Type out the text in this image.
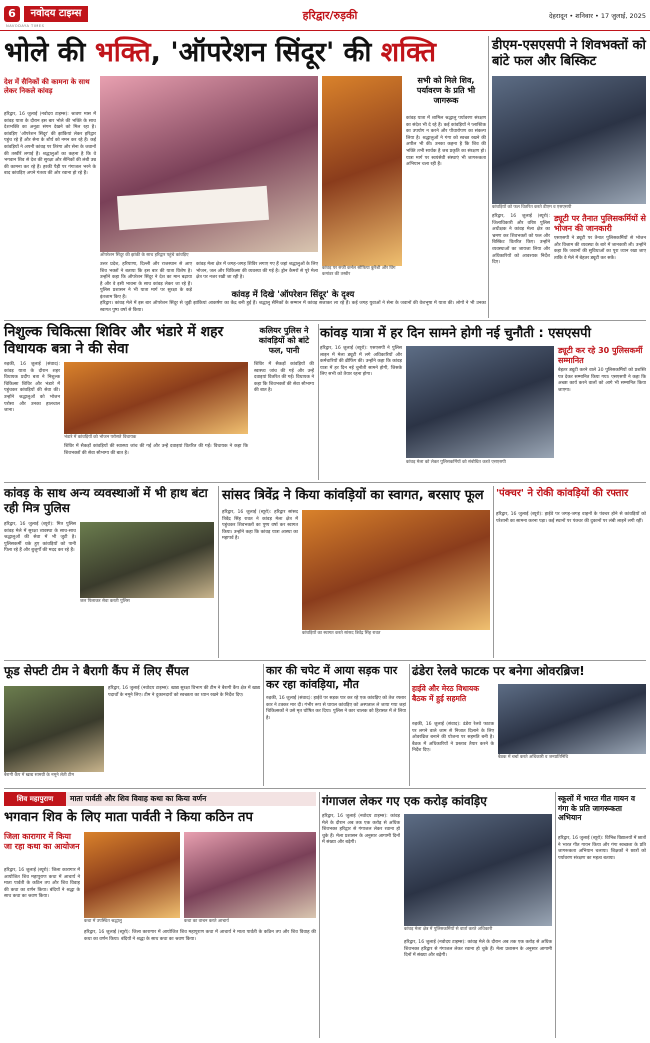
6	नवोदय टाइम्स
NAVODAYA TIMES
हरिद्वार/रुड़की	देहरादून • शनिवार • 17 जुलाई, 2025
भोले की भक्ति, 'ऑपरेशन सिंदूर' की शक्ति
देश में सैनिकों की कामना के साथ लेकर निकले कांवड़
हरिद्वार, 16 जुलाई (नवोदय टाइम्स): श्रावण मास में कांवड़ यात्रा के दौरान इस बार भोले की भक्ति के साथ देशभक्ति का अनूठा संगम देखने को मिल रहा है। कांवड़िए 'ऑपरेशन सिंदूर' की झांकियां लेकर हरिद्वार पहुंच रहे हैं और सेना के शौर्य को नमन कर रहे हैं। कई कांवड़ियों ने अपनी कांवड़ पर तिरंगा और सेना के जवानों की तस्वीरें लगाई हैं। श्रद्धालुओं का कहना है कि वे भगवान शिव से देश की सुरक्षा और सैनिकों की लंबी उम्र की कामना कर रहे हैं। हरकी पैड़ी पर गंगाजल भरने के बाद कांवड़िए अपने गंतव्य की ओर रवाना हो रहे हैं।
ऑपरेशन सिंदूर की झांकी के साथ हरिद्वार पहुंचे कांवड़िए
उत्तर प्रदेश, हरियाणा, दिल्ली और राजस्थान से आए शिव भक्तों ने बताया कि इस बार की यात्रा विशेष है। उन्होंने कहा कि ऑपरेशन सिंदूर ने देश का मान बढ़ाया है और वे इसी भावना के साथ कांवड़ लेकर जा रहे हैं। पुलिस प्रशासन ने भी यात्रा मार्ग पर सुरक्षा के कड़े इंतजाम किए हैं।
कांवड़ मेला क्षेत्र में जगह-जगह शिविर लगाए गए हैं जहां श्रद्धालुओं के लिए भोजन, जल और चिकित्सा की व्यवस्था की गई है। ड्रोन कैमरों से पूरे मेला क्षेत्र पर नजर रखी जा रही है।
कांवड़ पर सजी कर्नल सोफिया कुरैशी और विंग कमांडर की तस्वीर
सभी को मिले शिव, पर्यावरण के प्रति भी जागरूक
कांवड़ यात्रा में शामिल श्रद्धालु पर्यावरण संरक्षण का संदेश भी दे रहे हैं। कई कांवड़ियों ने प्लास्टिक का उपयोग न करने और पौधारोपण का संकल्प लिया है। श्रद्धालुओं ने गंगा को स्वच्छ रखने की अपील भी की। उनका कहना है कि शिव की भक्ति तभी सार्थक है जब प्रकृति का संरक्षण हो। यात्रा मार्ग पर स्वयंसेवी संस्थाएं भी जागरूकता अभियान चला रही हैं।
कांवड़ में दिखे 'ऑपरेशन सिंदूर' के दृश्य
हरिद्वार। कांवड़ मेले में इस बार ऑपरेशन सिंदूर से जुड़ी झांकियां आकर्षण का केंद्र बनी हुई हैं। श्रद्धालु सैनिकों के सम्मान में कांवड़ सजाकर ला रहे हैं। कई जगह युवाओं ने सेना के जवानों की वेशभूषा में यात्रा की। लोगों ने भी उनका स्वागत पुष्प वर्षा से किया।
डीएम-एसएसपी ने शिवभक्तों को बांटे फल और बिस्किट
कांवड़ियों को फल वितरित करते डीएम व एसएसपी
हरिद्वार, 16 जुलाई (ब्यूरो): जिलाधिकारी और वरिष्ठ पुलिस अधीक्षक ने कांवड़ मेला क्षेत्र का भ्रमण कर शिवभक्तों को फल और बिस्किट वितरित किए। उन्होंने व्यवस्थाओं का जायजा लिया और अधिकारियों को आवश्यक निर्देश दिए।
ड्यूटी पर तैनात पुलिसकर्मियों से भोजन की जानकारी
एसएसपी ने ड्यूटी पर तैनात पुलिसकर्मियों से भोजन और विश्राम की व्यवस्था के बारे में जानकारी ली। उन्होंने कहा कि जवानों की सुविधाओं का पूरा ध्यान रखा जाए ताकि वे मेले में बेहतर ड्यूटी कर सकें।
निशुल्क चिकित्सा शिविर और भंडारे में शहर विधायक बत्रा ने की सेवा
रुड़की, 16 जुलाई (संवाद): कांवड़ यात्रा के दौरान शहर विधायक प्रदीप बत्रा ने निशुल्क चिकित्सा शिविर और भंडारे में पहुंचकर कांवड़ियों की सेवा की। उन्होंने श्रद्धालुओं को भोजन परोसा और उनका हालचाल जाना।
भंडारे में कांवड़ियों को भोजन परोसते विधायक
शिविर में सैकड़ों कांवड़ियों की स्वास्थ्य जांच की गई और उन्हें दवाइयां वितरित की गईं। विधायक ने कहा कि शिवभक्तों की सेवा सौभाग्य की बात है।
कलियर पुलिस ने कांवड़ियों को बांटे फल, पानी
शिविर में सैकड़ों कांवड़ियों की स्वास्थ्य जांच की गई और उन्हें दवाइयां वितरित की गईं। विधायक ने कहा कि शिवभक्तों की सेवा सौभाग्य की बात है।
कांवड़ यात्रा में हर दिन सामने होगी नई चुनौती : एसएसपी
हरिद्वार, 16 जुलाई (ब्यूरो): एसएसपी ने पुलिस लाइन में मेला ड्यूटी में लगे अधिकारियों और कर्मचारियों की ब्रीफिंग की। उन्होंने कहा कि कांवड़ यात्रा में हर दिन नई चुनौती सामने होगी, जिसके लिए सभी को तैयार रहना होगा।
कांवड़ मेला को लेकर पुलिसकर्मियों को संबोधित करते एसएसपी
ड्यूटी कर रहे 30 पुलिसकर्मी सम्मानित
बेहतर ड्यूटी करने वाले 30 पुलिसकर्मियों को प्रशस्ति पत्र देकर सम्मानित किया गया। एसएसपी ने कहा कि अच्छा कार्य करने वालों को आगे भी सम्मानित किया जाएगा।
कांवड़ के साथ अन्य व्यवस्थाओं में भी हाथ बंटा रही मित्र पुलिस
जल पिलाकर सेवा करती पुलिस
हरिद्वार, 16 जुलाई (ब्यूरो): मित्र पुलिस कांवड़ मेले में सुरक्षा व्यवस्था के साथ-साथ श्रद्धालुओं की सेवा में भी जुटी है। पुलिसकर्मी थके हुए कांवड़ियों को पानी पिला रहे हैं और बुजुर्गों की मदद कर रहे हैं।
सांसद त्रिवेंद्र ने किया कांवड़ियों का स्वागत, बरसाए फूल
हरिद्वार, 16 जुलाई (ब्यूरो): हरिद्वार सांसद त्रिवेंद्र सिंह रावत ने कांवड़ मेला क्षेत्र में पहुंचकर शिवभक्तों का पुष्प वर्षा कर स्वागत किया। उन्होंने कहा कि कांवड़ यात्रा आस्था का महापर्व है।
कांवड़ियों का स्वागत करते सांसद त्रिवेंद्र सिंह रावत
'पंक्चर' ने रोकी कांवड़ियों की रफ्तार
हरिद्वार, 16 जुलाई (ब्यूरो): हाईवे पर जगह-जगह वाहनों के पंक्चर होने से कांवड़ियों को परेशानी का सामना करना पड़ा। कई स्थानों पर पंक्चर की दुकानों पर लंबी लाइनें लगी रहीं।
फूड सेफ्टी टीम ने बैरागी कैंप में लिए सैंपल
बैरागी कैंप में खाद्य सामग्री के नमूने लेती टीम
हरिद्वार, 16 जुलाई (नवोदय टाइम्स): खाद्य सुरक्षा विभाग की टीम ने बैरागी कैंप क्षेत्र में खाद्य पदार्थों के नमूने लिए। टीम ने दुकानदारों को स्वच्छता का ध्यान रखने के निर्देश दिए।
कार की चपेट में आया सड़क पार कर रहा कांवड़िया, मौत
रुड़की, 16 जुलाई (संवाद): हाईवे पर सड़क पार कर रहे एक कांवड़िए को तेज रफ्तार कार ने टक्कर मार दी। गंभीर रूप से घायल कांवड़िए को अस्पताल ले जाया गया जहां चिकित्सकों ने उसे मृत घोषित कर दिया। पुलिस ने कार चालक को हिरासत में ले लिया है।
ढंडेरा रेलवे फाटक पर बनेगा ओवरब्रिज!
हाईवे और मेरठ विधायक बैठक में हुई सहमति
बैठक में चर्चा करते अधिकारी व जनप्रतिनिधि
रुड़की, 16 जुलाई (संवाद): ढंडेरा रेलवे फाटक पर लगने वाले जाम से निजात दिलाने के लिए ओवरब्रिज बनाने की योजना पर सहमति बनी है। बैठक में अधिकारियों ने प्रस्ताव तैयार करने के निर्देश दिए।
शिव महापुराण	माता पार्वती और शिव विवाह कथा का किया वर्णन
भगवान शिव के लिए माता पार्वती ने किया कठिन तप
जिला कारागार में किया जा रहा कथा का आयोजन
हरिद्वार, 16 जुलाई (ब्यूरो): जिला कारागार में आयोजित शिव महापुराण कथा में आचार्य ने माता पार्वती के कठिन तप और शिव विवाह की कथा का वर्णन किया। बंदियों ने श्रद्धा के साथ कथा का श्रवण किया।
कथा में उपस्थित श्रद्धालु	कथा का वाचन करते आचार्य
हरिद्वार, 16 जुलाई (ब्यूरो): जिला कारागार में आयोजित शिव महापुराण कथा में आचार्य ने माता पार्वती के कठिन तप और शिव विवाह की कथा का वर्णन किया। बंदियों ने श्रद्धा के साथ कथा का श्रवण किया।
गंगाजल लेकर गए एक करोड़ कांवड़िए
हरिद्वार, 16 जुलाई (नवोदय टाइम्स): कांवड़ मेले के दौरान अब तक एक करोड़ से अधिक शिवभक्त हरिद्वार से गंगाजल लेकर रवाना हो चुके हैं। मेला प्रशासन के अनुसार आगामी दिनों में संख्या और बढ़ेगी।
कांवड़ मेला क्षेत्र में पुलिसकर्मियों से वार्ता करते अधिकारी
हरिद्वार, 16 जुलाई (नवोदय टाइम्स): कांवड़ मेले के दौरान अब तक एक करोड़ से अधिक शिवभक्त हरिद्वार से गंगाजल लेकर रवाना हो चुके हैं। मेला प्रशासन के अनुसार आगामी दिनों में संख्या और बढ़ेगी।
स्कूलों में भारत गीत गायन व गंगा के प्रति जागरूकता अभियान
हरिद्वार, 16 जुलाई (ब्यूरो): विभिन्न विद्यालयों में छात्रों ने भारत गीत गायन किया और गंगा स्वच्छता के प्रति जागरूकता अभियान चलाया। शिक्षकों ने छात्रों को पर्यावरण संरक्षण का महत्व बताया।
